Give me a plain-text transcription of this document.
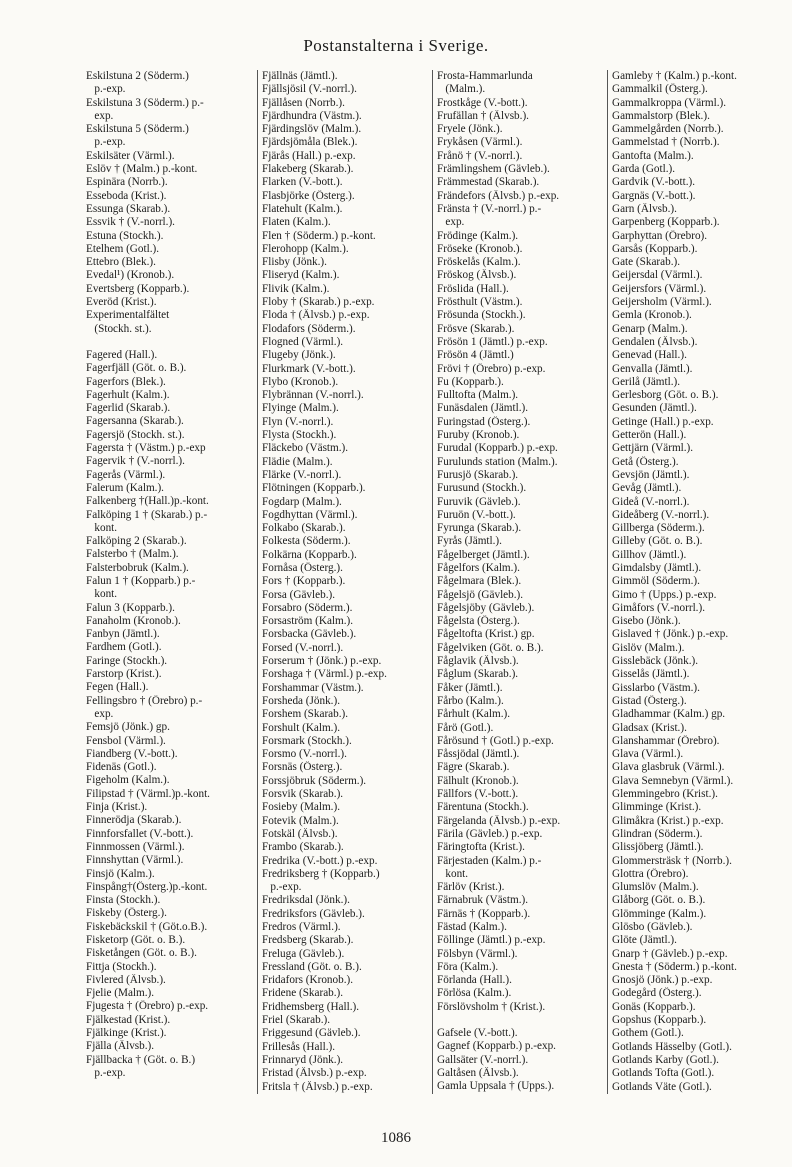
Postanstalterna i Sverige.
Eskilstuna 2 (Söderm.)
p.-exp.
Eskilstuna 3 (Söderm.) p.-
exp.
Eskilstuna 5 (Söderm.)
p.-exp.
Eskilsäter (Värml.).
Eslöv † (Malm.) p.-kont.
Espinära (Norrb.).
Esseboda (Krist.).
Essunga (Skarab.).
Essvik † (V.-norrl.).
Estuna (Stockh.).
Etelhem (Gotl.).
Ettebro (Blek.).
Evedal¹) (Kronob.).
Evertsberg (Kopparb.).
Everöd (Krist.).
Experimentalfältet
(Stockh. st.).
Fagered (Hall.).
Fagerfjäll (Göt. o. B.).
Fagerfors (Blek.).
Fagerhult (Kalm.).
Fagerlid (Skarab.).
Fagersanna (Skarab.).
Fagersjö (Stockh. st.).
Fagersta † (Västm.) p.-exp
Fagervik † (V.-norrl.).
Fagerås (Värml.).
Falerum (Kalm.).
Falkenberg †(Hall.)p.-kont.
Falköping 1 † (Skarab.) p.-
kont.
Falköping 2 (Skarab.).
Falsterbo † (Malm.).
Falsterbobruk (Kalm.).
Falun 1 † (Kopparb.) p.-
kont.
Falun 3 (Kopparb.).
Fanaholm (Kronob.).
Fanbyn (Jämtl.).
Fardhem (Gotl.).
Faringe (Stockh.).
Farstorp (Krist.).
Fegen (Hall.).
Fellingsbro † (Örebro) p.-
exp.
Femsjö (Jönk.) gp.
Fensbol (Värml.).
Fiandberg (V.-bott.).
Fidenäs (Gotl.).
Figeholm (Kalm.).
Filipstad † (Värml.)p.-kont.
Finja (Krist.).
Finnerödja (Skarab.).
Finnforsfallet (V.-bott.).
Finnmossen (Värml.).
Finnshyttan (Värml.).
Finsjö (Kalm.).
Finspång†(Österg.)p.-kont.
Finsta (Stockh.).
Fiskeby (Österg.).
Fiskebäckskil † (Göt.o.B.).
Fisketorp (Göt. o. B.).
Fisketången (Göt. o. B.).
Fittja (Stockh.).
Fivlered (Älvsb.).
Fjelie (Malm.).
Fjugesta † (Örebro) p.-exp.
Fjälkestad (Krist.).
Fjälkinge (Krist.).
Fjälla (Älvsb.).
Fjällbacka † (Göt. o. B.)
p.-exp.
Fjällnäs (Jämtl.).
Fjällsjösil (V.-norrl.).
Fjällåsen (Norrb.).
Fjärdhundra (Västm.).
Fjärdingslöv (Malm.).
Fjärdsjömåla (Blek.).
Fjärås (Hall.) p.-exp.
Flakeberg (Skarab.).
Flarken (V.-bott.).
Flasbjörke (Österg.).
Flatehult (Kalm.).
Flaten (Kalm.).
Flen † (Söderm.) p.-kont.
Flerohopp (Kalm.).
Flisby (Jönk.).
Fliseryd (Kalm.).
Flivik (Kalm.).
Floby † (Skarab.) p.-exp.
Floda † (Älvsb.) p.-exp.
Flodafors (Söderm.).
Flogned (Värml.).
Flugeby (Jönk.).
Flurkmark (V.-bott.).
Flybo (Kronob.).
Flybrännan (V.-norrl.).
Flyinge (Malm.).
Flyn (V.-norrl.).
Flysta (Stockh.).
Fläckebo (Västm.).
Flädie (Malm.).
Flärke (V.-norrl.).
Flötningen (Kopparb.).
Fogdarp (Malm.).
Fogdhyttan (Värml.).
Folkabo (Skarab.).
Folkesta (Söderm.).
Folkärna (Kopparb.).
Fornåsa (Österg.).
Fors † (Kopparb.).
Forsa (Gävleb.).
Forsabro (Söderm.).
Forsaström (Kalm.).
Forsbacka (Gävleb.).
Forsed (V.-norrl.).
Forserum † (Jönk.) p.-exp.
Forshaga † (Värml.) p.-exp.
Forshammar (Västm.).
Forsheda (Jönk.).
Forshem (Skarab.).
Forshult (Kalm.).
Forsmark (Stockh.).
Forsmo (V.-norrl.).
Forsnäs (Österg.).
Forssjöbruk (Söderm.).
Forsvik (Skarab.).
Fosieby (Malm.).
Fotevik (Malm.).
Fotskäl (Älvsb.).
Frambo (Skarab.).
Fredrika (V.-bott.) p.-exp.
Fredriksberg † (Kopparb.)
p.-exp.
Fredriksdal (Jönk.).
Fredriksfors (Gävleb.).
Fredros (Värml.).
Fredsberg (Skarab.).
Freluga (Gävleb.).
Fressland (Göt. o. B.).
Fridafors (Kronob.).
Fridene (Skarab.).
Fridhemsberg (Hall.).
Friel (Skarab.).
Friggesund (Gävleb.).
Frillesås (Hall.).
Frinnaryd (Jönk.).
Fristad (Älvsb.) p.-exp.
Fritsla † (Älvsb.) p.-exp.
Frosta-Hammarlunda
(Malm.).
Frostkåge (V.-bott.).
Frufällan † (Älvsb.).
Fryele (Jönk.).
Frykåsen (Värml.).
Frånö † (V.-norrl.).
Främlingshem (Gävleb.).
Främmestad (Skarab.).
Frändefors (Älvsb.) p.-exp.
Fränsta † (V.-norrl.) p.-
exp.
Frödinge (Kalm.).
Fröseke (Kronob.).
Fröskelås (Kalm.).
Fröskog (Älvsb.).
Fröslida (Hall.).
Frösthult (Västm.).
Frösunda (Stockh.).
Frösve (Skarab.).
Frösön 1 (Jämtl.) p.-exp.
Frösön 4 (Jämtl.)
Frövi † (Örebro) p.-exp.
Fu (Kopparb.).
Fulltofta (Malm.).
Funäsdalen (Jämtl.).
Furingstad (Österg.).
Furuby (Kronob.).
Furudal (Kopparb.) p.-exp.
Furulunds station (Malm.).
Furusjö (Skarab.).
Furusund (Stockh.).
Furuvik (Gävleb.).
Furuön (V.-bott.).
Fyrunga (Skarab.).
Fyrås (Jämtl.).
Fågelberget (Jämtl.).
Fågelfors (Kalm.).
Fågelmara (Blek.).
Fågelsjö (Gävleb.).
Fågelsjöby (Gävleb.).
Fågelsta (Österg.).
Fågeltofta (Krist.) gp.
Fågelviken (Göt. o. B.).
Fåglavik (Älvsb.).
Fåglum (Skarab.).
Fåker (Jämtl.).
Fårbo (Kalm.).
Fårhult (Kalm.).
Fårö (Gotl.).
Fårösund † (Gotl.) p.-exp.
Fåssjödal (Jämtl.).
Fägre (Skarab.).
Fälhult (Kronob.).
Fällfors (V.-bott.).
Färentuna (Stockh.).
Färgelanda (Älvsb.) p.-exp.
Färila (Gävleb.) p.-exp.
Färingtofta (Krist.).
Färjestaden (Kalm.) p.-
kont.
Färlöv (Krist.).
Färnabruk (Västm.).
Färnäs † (Kopparb.).
Fästad (Kalm.).
Föllinge (Jämtl.) p.-exp.
Fölsbyn (Värml.).
Föra (Kalm.).
Förlanda (Hall.).
Förlösa (Kalm.).
Förslövsholm † (Krist.).
Gafsele (V.-bott.).
Gagnef (Kopparb.) p.-exp.
Gallsäter (V.-norrl.).
Galtåsen (Älvsb.).
Gamla Uppsala † (Upps.).
Gamleby † (Kalm.) p.-kont.
Gammalkil (Österg.).
Gammalkroppa (Värml.).
Gammalstorp (Blek.).
Gammelgården (Norrb.).
Gammelstad † (Norrb.).
Gantofta (Malm.).
Garda (Gotl.).
Gardvik (V.-bott.).
Gargnäs (V.-bott.).
Garn (Älvsb.).
Garpenberg (Kopparb.).
Garphyttan (Örebro).
Garsås (Kopparb.).
Gate (Skarab.).
Geijersdal (Värml.).
Geijersfors (Värml.).
Geijersholm (Värml.).
Gemla (Kronob.).
Genarp (Malm.).
Gendalen (Älvsb.).
Genevad (Hall.).
Genvalla (Jämtl.).
Gerilå (Jämtl.).
Gerlesborg (Göt. o. B.).
Gesunden (Jämtl.).
Getinge (Hall.) p.-exp.
Getterön (Hall.).
Gettjärn (Värml.).
Getå (Österg.).
Gevsjön (Jämtl.).
Gevåg (Jämtl.).
Gideå (V.-norrl.).
Gideåberg (V.-norrl.).
Gillberga (Söderm.).
Gilleby (Göt. o. B.).
Gillhov (Jämtl.).
Gimdalsby (Jämtl.).
Gimmöl (Söderm.).
Gimo † (Upps.) p.-exp.
Gimåfors (V.-norrl.).
Gisebo (Jönk.).
Gislaved † (Jönk.) p.-exp.
Gislöv (Malm.).
Gisslebäck (Jönk.).
Gisselås (Jämtl.).
Gisslarbo (Västm.).
Gistad (Österg.).
Gladhammar (Kalm.) gp.
Gladsax (Krist.).
Glanshammar (Örebro).
Glava (Värml.).
Glava glasbruk (Värml.).
Glava Semnebyn (Värml.).
Glemmingebro (Krist.).
Glimminge (Krist.).
Glimåkra (Krist.) p.-exp.
Glindran (Söderm.).
Glissjöberg (Jämtl.).
Glommersträsk † (Norrb.).
Glottra (Örebro).
Glumslöv (Malm.).
Glåborg (Göt. o. B.).
Glömminge (Kalm.).
Glösbo (Gävleb.).
Glöte (Jämtl.).
Gnarp † (Gävleb.) p.-exp.
Gnesta † (Söderm.) p.-kont.
Gnosjö (Jönk.) p.-exp.
Godegård (Österg.).
Gonäs (Kopparb.).
Gopshus (Kopparb.).
Gothem (Gotl.).
Gotlands Hässelby (Gotl.).
Gotlands Karby (Gotl.).
Gotlands Tofta (Gotl.).
Gotlands Väte (Gotl.).
1086
